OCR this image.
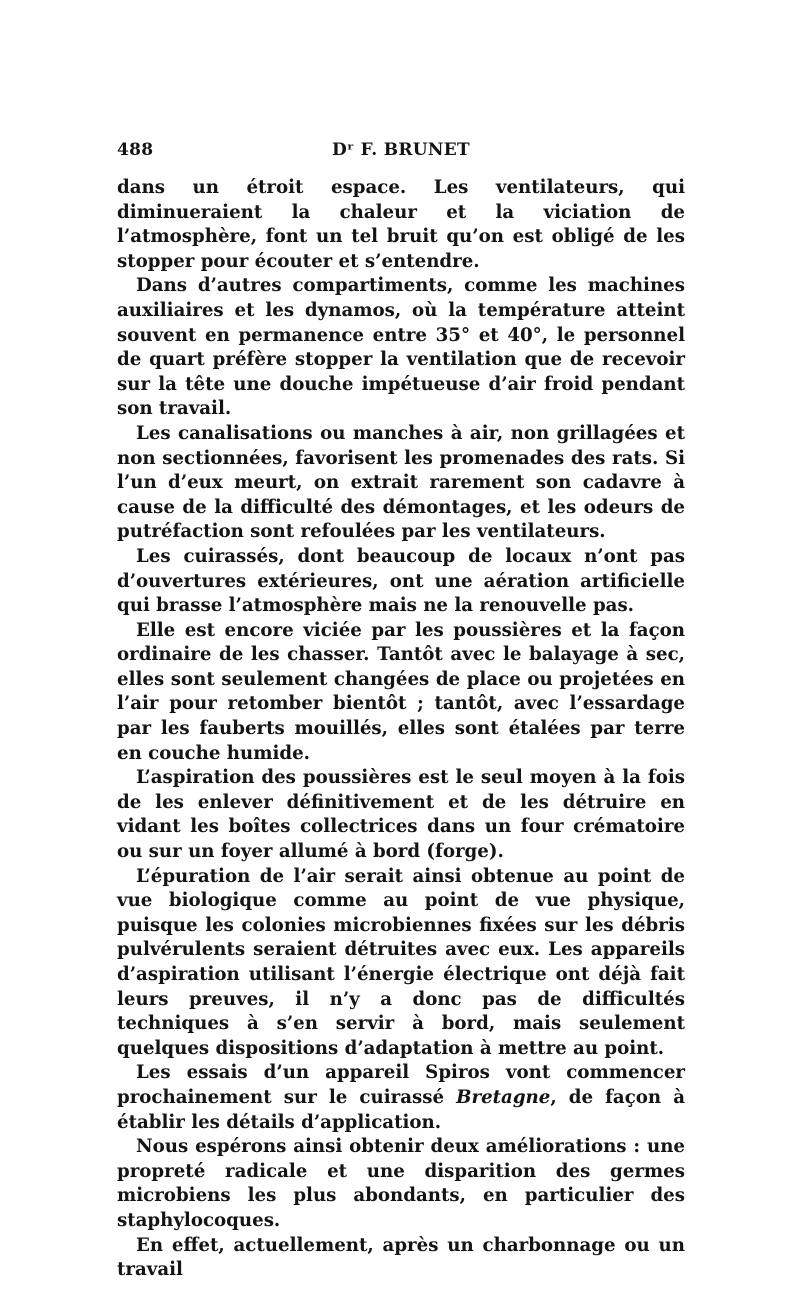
488	Dʳ F. BRUNET

dans un étroit espace. Les ventilateurs, qui diminueraient la chaleur et la viciation de l’atmosphère, font un tel bruit qu’on est obligé de les stopper pour écouter et s’entendre.

Dans d’autres compartiments, comme les machines auxiliaires et les dynamos, où la température atteint souvent en permanence entre 35° et 40°, le personnel de quart préfère stopper la ventilation que de recevoir sur la tête une douche impétueuse d’air froid pendant son travail.

Les canalisations ou manches à air, non grillagées et non sectionnées, favorisent les promenades des rats. Si l’un d’eux meurt, on extrait rarement son cadavre à cause de la difficulté des démontages, et les odeurs de putréfaction sont refoulées par les ventilateurs.

Les cuirassés, dont beaucoup de locaux n’ont pas d’ouvertures extérieures, ont une aération artificielle qui brasse l’atmosphère mais ne la renouvelle pas.

Elle est encore viciée par les poussières et la façon ordinaire de les chasser. Tantôt avec le balayage à sec, elles sont seulement changées de place ou projetées en l’air pour retomber bientôt ; tantôt, avec l’essardage par les fauberts mouillés, elles sont étalées par terre en couche humide.

L’aspiration des poussières est le seul moyen à la fois de les enlever définitivement et de les détruire en vidant les boîtes collectrices dans un four crématoire ou sur un foyer allumé à bord (forge).

L’épuration de l’air serait ainsi obtenue au point de vue biologique comme au point de vue physique, puisque les colonies microbiennes fixées sur les débris pulvérulents seraient détruites avec eux. Les appareils d’aspiration utilisant l’énergie électrique ont déjà fait leurs preuves, il n’y a donc pas de difficultés techniques à s’en servir à bord, mais seulement quelques dispositions d’adaptation à mettre au point.

Les essais d’un appareil Spiros vont commencer prochainement sur le cuirassé Bretagne, de façon à établir les détails d’application.

Nous espérons ainsi obtenir deux améliorations : une propreté radicale et une disparition des germes microbiens les plus abondants, en particulier des staphylocoques.

En effet, actuellement, après un charbonnage ou un travail
